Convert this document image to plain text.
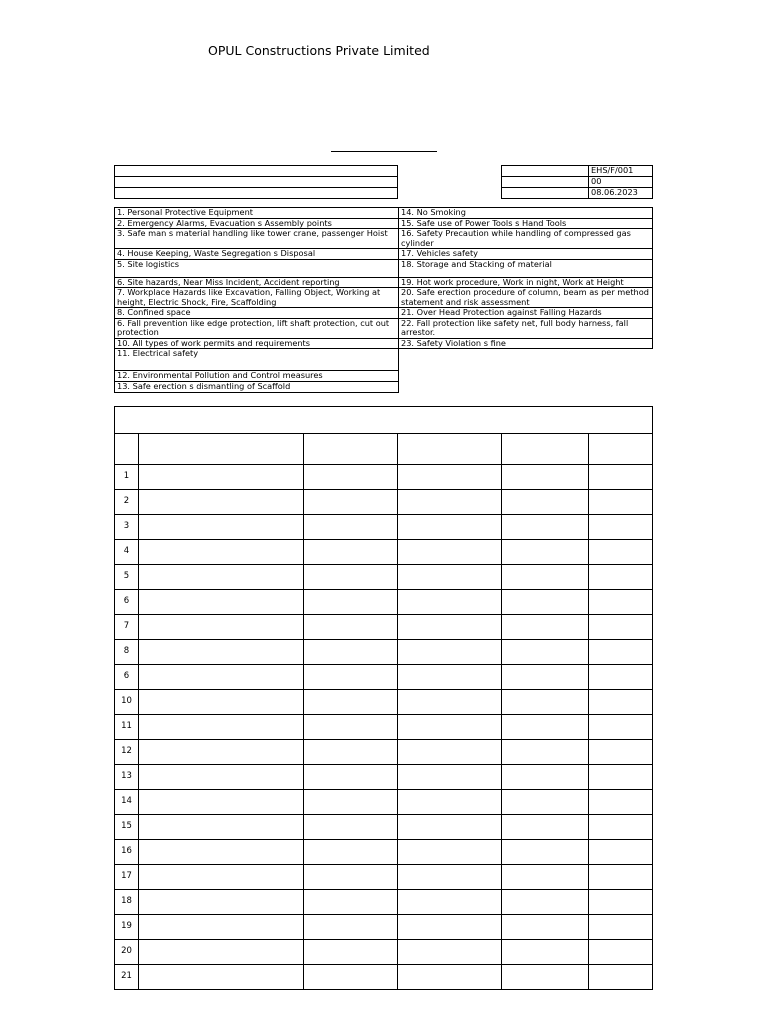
OPUL Constructions Private Limited

	EHS/F/001
	00
	08.06.2023
1. Personal Protective Equipment	14. No Smoking
2. Emergency Alarms, Evacuation s Assembly points	15. Safe use of Power Tools s Hand Tools
3. Safe man s material handling like tower crane, passenger Hoist	16. Safety Precaution while handling of compressed gas cylinder
4. House Keeping, Waste Segregation s Disposal	17. Vehicles safety
5. Site logistics	18. Storage and Stacking of material
6. Site hazards, Near Miss Incident, Accident reporting	19. Hot work procedure, Work in night, Work at Height
7. Workplace Hazards like Excavation, Falling Object, Working at height, Electric Shock, Fire, Scaffolding	20. Safe erection procedure of column, beam as per method statement and risk assessment
8. Confined space	21. Over Head Protection against Falling Hazards
6. Fall prevention like edge protection, lift shaft protection, cut out protection	22. Fall protection like safety net, full body harness, fall arrestor.
10. All types of work permits and requirements	23. Safety Violation s fine
11. Electrical safety	
12. Environmental Pollution and Control measures	
13. Safe erection s dismantling of Scaffold	

1					
2					
3					
4					
5					
6					
7					
8					
6					
10					
11					
12					
13					
14					
15					
16					
17					
18					
19					
20					
21					
